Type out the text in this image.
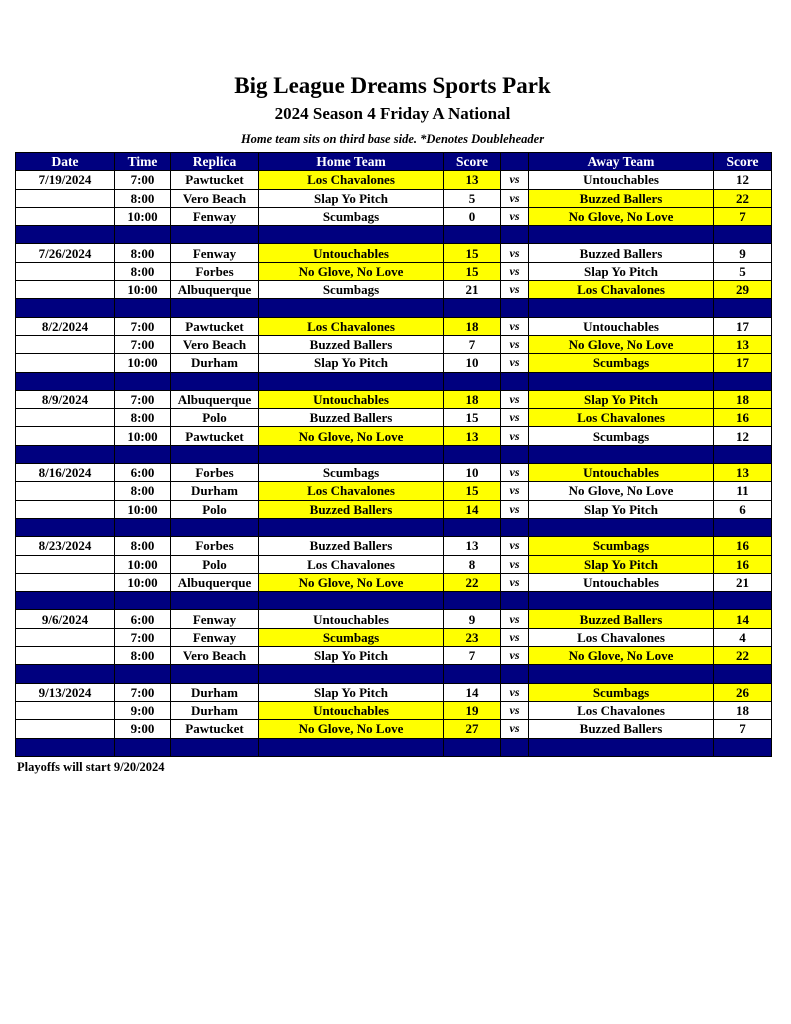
Big League Dreams Sports Park
2024 Season 4 Friday A National
Home team sits on third base side. *Denotes Doubleheader
Date	Time	Replica	Home Team	Score		Away Team	Score
7/19/2024	7:00	Pawtucket	Los Chavalones	13	vs	Untouchables	12
	8:00	Vero Beach	Slap Yo Pitch	5	vs	Buzzed Ballers	22
	10:00	Fenway	Scumbags	0	vs	No Glove, No Love	7

7/26/2024	8:00	Fenway	Untouchables	15	vs	Buzzed Ballers	9
	8:00	Forbes	No Glove, No Love	15	vs	Slap Yo Pitch	5
	10:00	Albuquerque	Scumbags	21	vs	Los Chavalones	29

8/2/2024	7:00	Pawtucket	Los Chavalones	18	vs	Untouchables	17
	7:00	Vero Beach	Buzzed Ballers	7	vs	No Glove, No Love	13
	10:00	Durham	Slap Yo Pitch	10	vs	Scumbags	17

8/9/2024	7:00	Albuquerque	Untouchables	18	vs	Slap Yo Pitch	18
	8:00	Polo	Buzzed Ballers	15	vs	Los Chavalones	16
	10:00	Pawtucket	No Glove, No Love	13	vs	Scumbags	12

8/16/2024	6:00	Forbes	Scumbags	10	vs	Untouchables	13
	8:00	Durham	Los Chavalones	15	vs	No Glove, No Love	11
	10:00	Polo	Buzzed Ballers	14	vs	Slap Yo Pitch	6

8/23/2024	8:00	Forbes	Buzzed Ballers	13	vs	Scumbags	16
	10:00	Polo	Los Chavalones	8	vs	Slap Yo Pitch	16
	10:00	Albuquerque	No Glove, No Love	22	vs	Untouchables	21

9/6/2024	6:00	Fenway	Untouchables	9	vs	Buzzed Ballers	14
	7:00	Fenway	Scumbags	23	vs	Los Chavalones	4
	8:00	Vero Beach	Slap Yo Pitch	7	vs	No Glove, No Love	22

9/13/2024	7:00	Durham	Slap Yo Pitch	14	vs	Scumbags	26
	9:00	Durham	Untouchables	19	vs	Los Chavalones	18
	9:00	Pawtucket	No Glove, No Love	27	vs	Buzzed Ballers	7

Playoffs will start 9/20/2024
